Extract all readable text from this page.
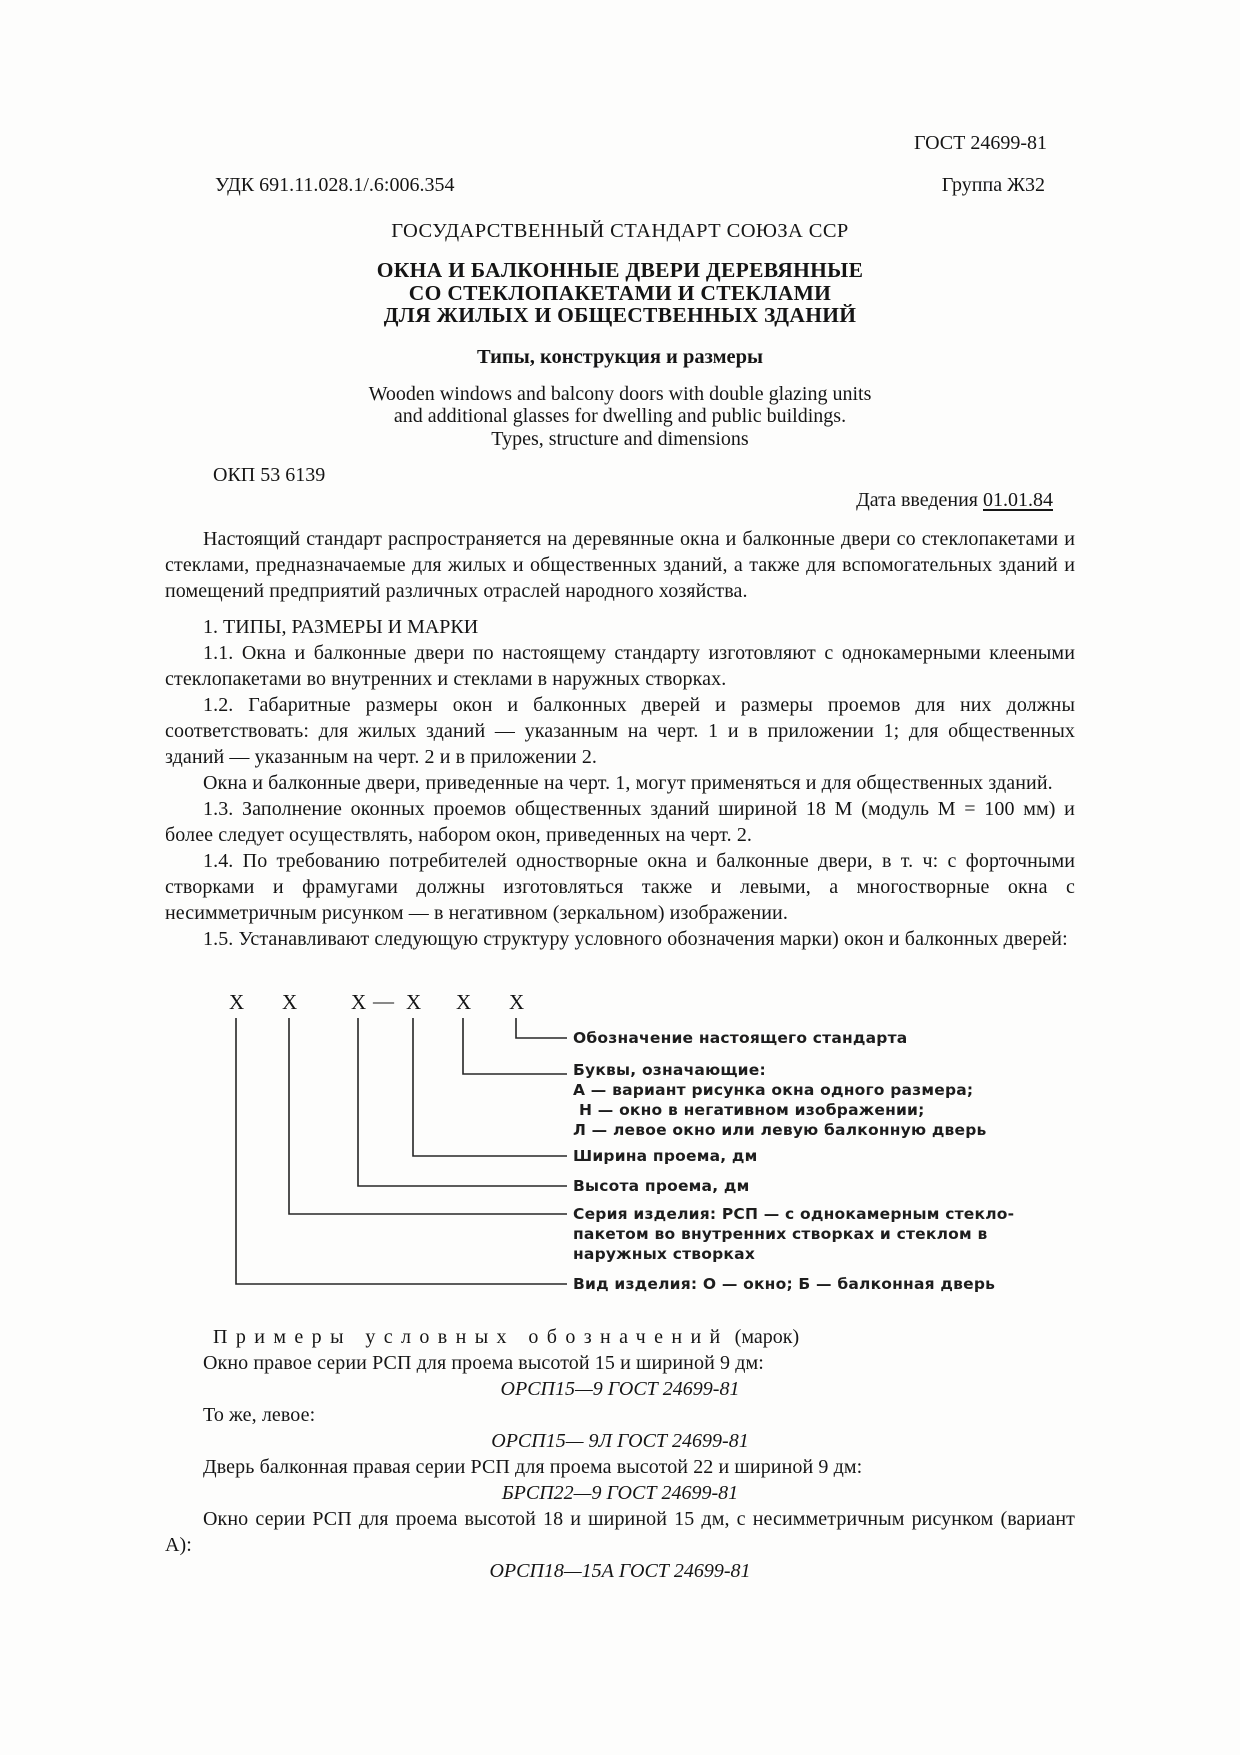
ГОСТ 24699-81
УДК 691.11.028.1/.6:006.354	Группа Ж32
ГОСУДАРСТВЕННЫЙ СТАНДАРТ СОЮЗА ССР
ОКНА И БАЛКОННЫЕ ДВЕРИ ДЕРЕВЯННЫЕ
СО СТЕКЛОПАКЕТАМИ И СТЕКЛАМИ
ДЛЯ ЖИЛЫХ И ОБЩЕСТВЕННЫХ ЗДАНИЙ
Типы, конструкция и размеры
Wooden windows and balcony doors with double glazing units
and additional glasses for dwelling and public buildings.
Types, structure and dimensions
ОКП 53 6139
Дата введения 01.01.84

Настоящий стандарт распространяется на деревянные окна и балконные двери со стеклопакетами и стеклами, предназначаемые для жилых и общественных зданий, а также для вспомогательных зданий и помещений предприятий различных отраслей народного хозяйства.

1. ТИПЫ, РАЗМЕРЫ И МАРКИ

1.1. Окна и балконные двери по настоящему стандарту изготовляют с однокамерными клееными стеклопакетами во внутренних и стеклами в наружных створках.

1.2. Габаритные размеры окон и балконных дверей и размеры проемов для них должны соответствовать: для жилых зданий — указанным на черт. 1 и в приложении 1; для общественных зданий — указанным на черт. 2 и в приложении 2.

Окна и балконные двери, приведенные на черт. 1, могут применяться и для общественных зданий.

1.3. Заполнение оконных проемов общественных зданий шириной 18 М (модуль М = 100 мм) и более следует осуществлять, набором окон, приведенных на черт. 2.

1.4. По требованию потребителей одностворные окна и балконные двери, в т. ч: с форточными створками и фрамугами должны изготовляться также и левыми, а многостворные окна с несимметричным рисунком — в негативном (зеркальном) изображении.

1.5. Устанавливают следующую структуру условного обозначения марки) окон и балконных дверей:

X X	X — X X X
Обозначение настоящего стандарта
Буквы, означающие:
А — вариант рисунка окна одного размера;
Н — окно в негативном изображении;
Л — левое окно или левую балконную дверь
Ширина проема, дм
Высота проема, дм
Серия изделия: РСП — с однокамерным стекло-
пакетом во внутренних створках и стеклом в
наружных створках
Вид изделия: О — окно; Б — балконная дверь

Примеры условных обозначений (марок)

Окно правое серии РСП для проема высотой 15 и шириной 9 дм:

ОРСП15—9 ГОСТ 24699-81

То же, левое:

ОРСП15— 9Л ГОСТ 24699-81

Дверь балконная правая серии РСП для проема высотой 22 и шириной 9 дм:

БРСП22—9 ГОСТ 24699-81

Окно серии РСП для проема высотой 18 и шириной 15 дм, с несимметричным рисунком (вариант А):

ОРСП18—15А ГОСТ 24699-81
